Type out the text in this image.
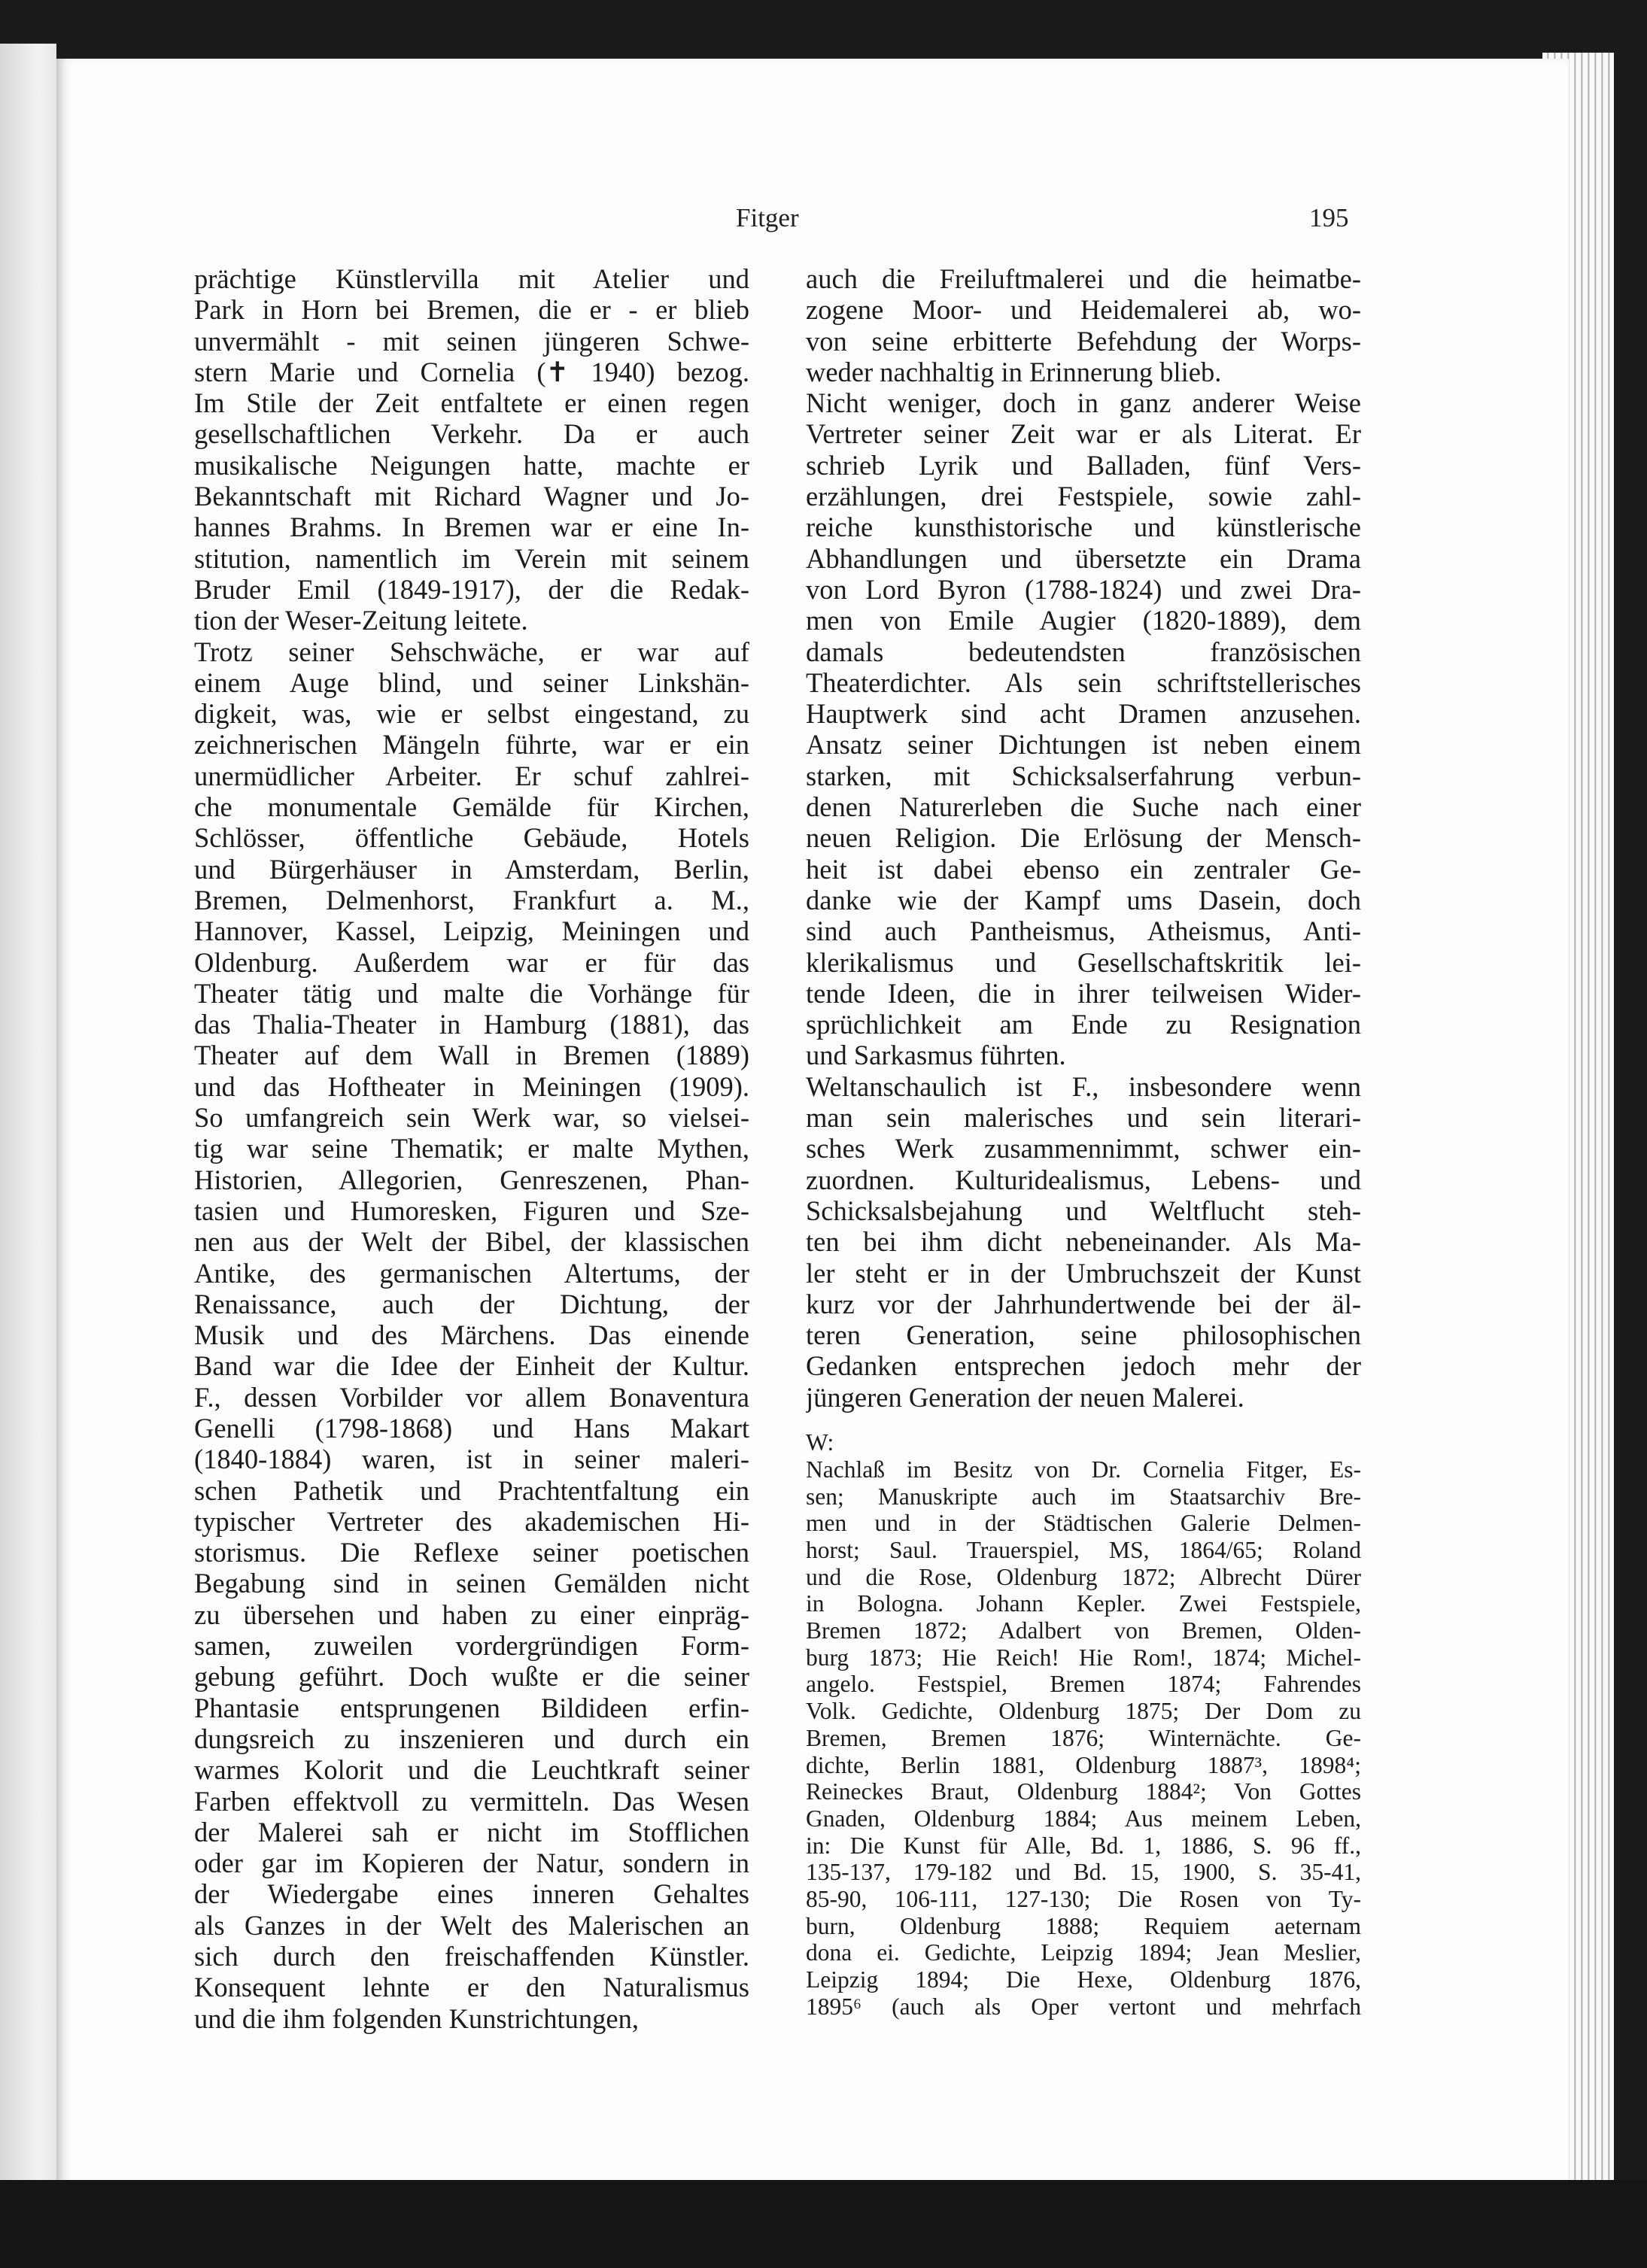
Fitger	195
prächtige Künstlervilla mit Atelier und
Park in Horn bei Bremen, die er - er blieb
unvermählt - mit seinen jüngeren Schwe-
stern Marie und Cornelia (✝ 1940) bezog.
Im Stile der Zeit entfaltete er einen regen
gesellschaftlichen Verkehr. Da er auch
musikalische Neigungen hatte, machte er
Bekanntschaft mit Richard Wagner und Jo-
hannes Brahms. In Bremen war er eine In-
stitution, namentlich im Verein mit seinem
Bruder Emil (1849-1917), der die Redak-
tion der Weser-Zeitung leitete.
Trotz seiner Sehschwäche, er war auf
einem Auge blind, und seiner Linkshän-
digkeit, was, wie er selbst eingestand, zu
zeichnerischen Mängeln führte, war er ein
unermüdlicher Arbeiter. Er schuf zahlrei-
che monumentale Gemälde für Kirchen,
Schlösser, öffentliche Gebäude, Hotels
und Bürgerhäuser in Amsterdam, Berlin,
Bremen, Delmenhorst, Frankfurt a. M.,
Hannover, Kassel, Leipzig, Meiningen und
Oldenburg. Außerdem war er für das
Theater tätig und malte die Vorhänge für
das Thalia-Theater in Hamburg (1881), das
Theater auf dem Wall in Bremen (1889)
und das Hoftheater in Meiningen (1909).
So umfangreich sein Werk war, so vielsei-
tig war seine Thematik; er malte Mythen,
Historien, Allegorien, Genreszenen, Phan-
tasien und Humoresken, Figuren und Sze-
nen aus der Welt der Bibel, der klassischen
Antike, des germanischen Altertums, der
Renaissance, auch der Dichtung, der
Musik und des Märchens. Das einende
Band war die Idee der Einheit der Kultur.
F., dessen Vorbilder vor allem Bonaventura
Genelli (1798-1868) und Hans Makart
(1840-1884) waren, ist in seiner maleri-
schen Pathetik und Prachtentfaltung ein
typischer Vertreter des akademischen Hi-
storismus. Die Reflexe seiner poetischen
Begabung sind in seinen Gemälden nicht
zu übersehen und haben zu einer einpräg-
samen, zuweilen vordergründigen Form-
gebung geführt. Doch wußte er die seiner
Phantasie entsprungenen Bildideen erfin-
dungsreich zu inszenieren und durch ein
warmes Kolorit und die Leuchtkraft seiner
Farben effektvoll zu vermitteln. Das Wesen
der Malerei sah er nicht im Stofflichen
oder gar im Kopieren der Natur, sondern in
der Wiedergabe eines inneren Gehaltes
als Ganzes in der Welt des Malerischen an
sich durch den freischaffenden Künstler.
Konsequent lehnte er den Naturalismus
und die ihm folgenden Kunstrichtungen,
auch die Freiluftmalerei und die heimatbe-
zogene Moor- und Heidemalerei ab, wo-
von seine erbitterte Befehdung der Worps-
weder nachhaltig in Erinnerung blieb.
Nicht weniger, doch in ganz anderer Weise
Vertreter seiner Zeit war er als Literat. Er
schrieb Lyrik und Balladen, fünf Vers-
erzählungen, drei Festspiele, sowie zahl-
reiche kunsthistorische und künstlerische
Abhandlungen und übersetzte ein Drama
von Lord Byron (1788-1824) und zwei Dra-
men von Emile Augier (1820-1889), dem
damals bedeutendsten französischen
Theaterdichter. Als sein schriftstellerisches
Hauptwerk sind acht Dramen anzusehen.
Ansatz seiner Dichtungen ist neben einem
starken, mit Schicksalserfahrung verbun-
denen Naturerleben die Suche nach einer
neuen Religion. Die Erlösung der Mensch-
heit ist dabei ebenso ein zentraler Ge-
danke wie der Kampf ums Dasein, doch
sind auch Pantheismus, Atheismus, Anti-
klerikalismus und Gesellschaftskritik lei-
tende Ideen, die in ihrer teilweisen Wider-
sprüchlichkeit am Ende zu Resignation
und Sarkasmus führten.
Weltanschaulich ist F., insbesondere wenn
man sein malerisches und sein literari-
sches Werk zusammennimmt, schwer ein-
zuordnen. Kulturidealismus, Lebens- und
Schicksalsbejahung und Weltflucht steh-
ten bei ihm dicht nebeneinander. Als Ma-
ler steht er in der Umbruchszeit der Kunst
kurz vor der Jahrhundertwende bei der äl-
teren Generation, seine philosophischen
Gedanken entsprechen jedoch mehr der
jüngeren Generation der neuen Malerei.
W:
Nachlaß im Besitz von Dr. Cornelia Fitger, Es-
sen; Manuskripte auch im Staatsarchiv Bre-
men und in der Städtischen Galerie Delmen-
horst; Saul. Trauerspiel, MS, 1864/65; Roland
und die Rose, Oldenburg 1872; Albrecht Dürer
in Bologna. Johann Kepler. Zwei Festspiele,
Bremen 1872; Adalbert von Bremen, Olden-
burg 1873; Hie Reich! Hie Rom!, 1874; Michel-
angelo. Festspiel, Bremen 1874; Fahrendes
Volk. Gedichte, Oldenburg 1875; Der Dom zu
Bremen, Bremen 1876; Winternächte. Ge-
dichte, Berlin 1881, Oldenburg 1887³, 1898⁴;
Reineckes Braut, Oldenburg 1884²; Von Gottes
Gnaden, Oldenburg 1884; Aus meinem Leben,
in: Die Kunst für Alle, Bd. 1, 1886, S. 96 ff.,
135-137, 179-182 und Bd. 15, 1900, S. 35-41,
85-90, 106-111, 127-130; Die Rosen von Ty-
burn, Oldenburg 1888; Requiem aeternam
dona ei. Gedichte, Leipzig 1894; Jean Meslier,
Leipzig 1894; Die Hexe, Oldenburg 1876,
1895⁶ (auch als Oper vertont und mehrfach
